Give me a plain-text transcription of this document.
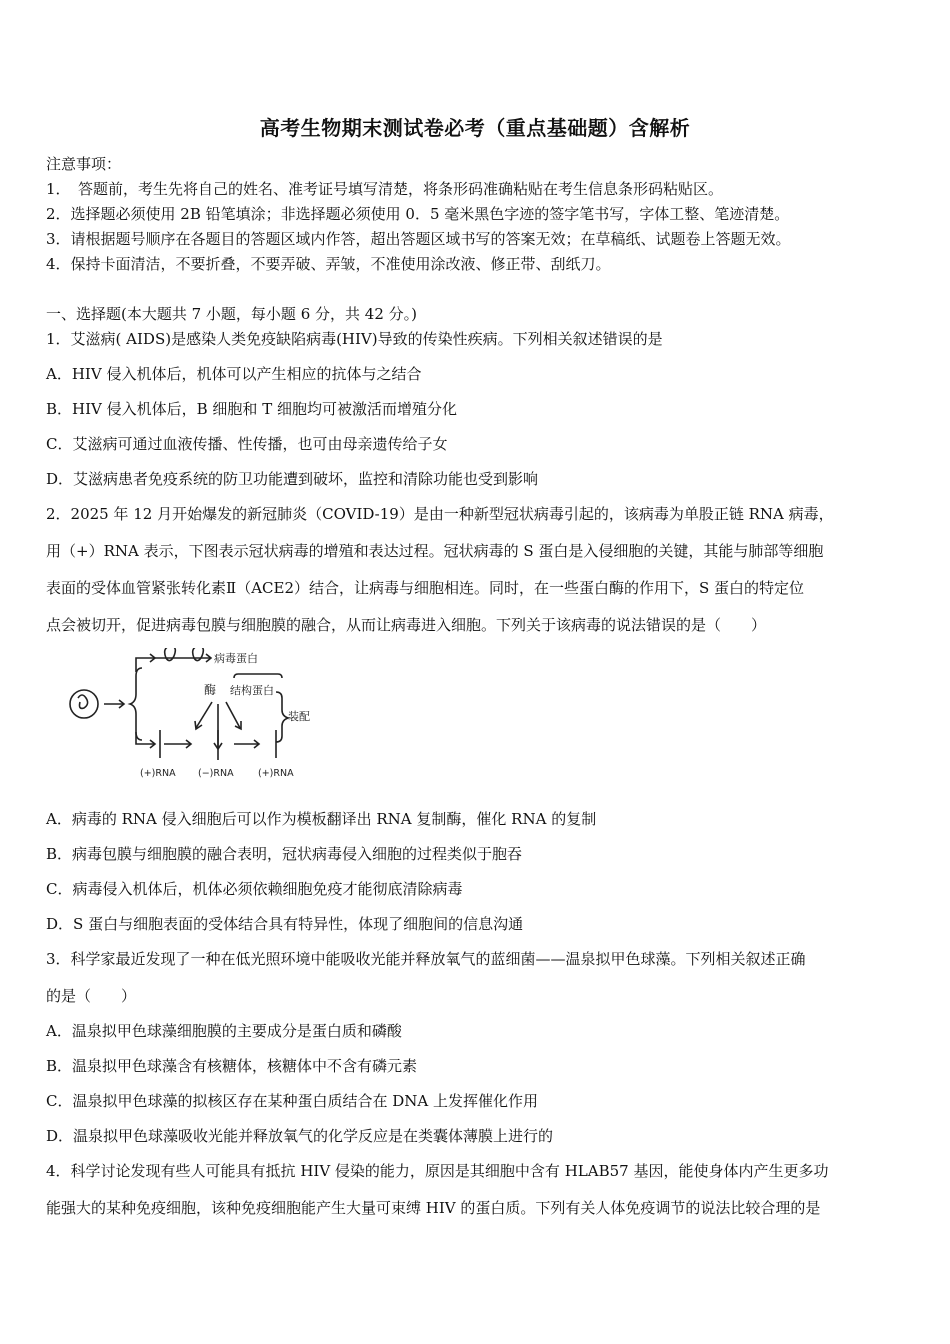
高考生物期末测试卷必考（重点基础题）含解析
注意事项：
1．　答题前，考生先将自己的姓名、准考证号填写清楚，将条形码准确粘贴在考生信息条形码粘贴区。
2．选择题必须使用 2B 铅笔填涂；非选择题必须使用 0．5 毫米黑色字迹的签字笔书写，字体工整、笔迹清楚。
3．请根据题号顺序在各题目的答题区域内作答，超出答题区域书写的答案无效；在草稿纸、试题卷上答题无效。
4．保持卡面清洁，不要折叠，不要弄破、弄皱，不准使用涂改液、修正带、刮纸刀。
一、选择题(本大题共 7 小题，每小题 6 分，共 42 分。)
1．艾滋病( AIDS)是感染人类免疫缺陷病毒(HIV)导致的传染性疾病。下列相关叙述错误的是
A．HIV 侵入机体后，机体可以产生相应的抗体与之结合
B．HIV 侵入机体后，B 细胞和 T 细胞均可被激活而增殖分化
C．艾滋病可通过血液传播、性传播，也可由母亲遗传给子女
D．艾滋病患者免疫系统的防卫功能遭到破坏，监控和清除功能也受到影响
2．2025 年 12 月开始爆发的新冠肺炎（COVID-19）是由一种新型冠状病毒引起的，该病毒为单股正链 RNA 病毒，
用（+）RNA 表示，下图表示冠状病毒的增殖和表达过程。冠状病毒的 S 蛋白是入侵细胞的关键，其能与肺部等细胞
表面的受体血管紧张转化素Ⅱ（ACE2）结合，让病毒与细胞相连。同时，在一些蛋白酶的作用下，S 蛋白的特定位
点会被切开，促进病毒包膜与细胞膜的融合，从而让病毒进入细胞。下列关于该病毒的说法错误的是（　　）
病毒蛋白
酶 结构蛋白
装配
(+)RNA (−)RNA	(+)RNA
A．病毒的 RNA 侵入细胞后可以作为模板翻译出 RNA 复制酶，催化 RNA 的复制
B．病毒包膜与细胞膜的融合表明，冠状病毒侵入细胞的过程类似于胞吞
C．病毒侵入机体后，机体必须依赖细胞免疫才能彻底清除病毒
D．S 蛋白与细胞表面的受体结合具有特异性，体现了细胞间的信息沟通
3．科学家最近发现了一种在低光照环境中能吸收光能并释放氧气的蓝细菌——温泉拟甲色球藻。下列相关叙述正确
的是（　　）
A．温泉拟甲色球藻细胞膜的主要成分是蛋白质和磷酸
B．温泉拟甲色球藻含有核糖体，核糖体中不含有磷元素
C．温泉拟甲色球藻的拟核区存在某种蛋白质结合在 DNA 上发挥催化作用
D．温泉拟甲色球藻吸收光能并释放氧气的化学反应是在类囊体薄膜上进行的
4．科学讨论发现有些人可能具有抵抗 HIV 侵染的能力，原因是其细胞中含有 HLAB57 基因，能使身体内产生更多功
能强大的某种免疫细胞，该种免疫细胞能产生大量可束缚 HIV 的蛋白质。下列有关人体免疫调节的说法比较合理的是
